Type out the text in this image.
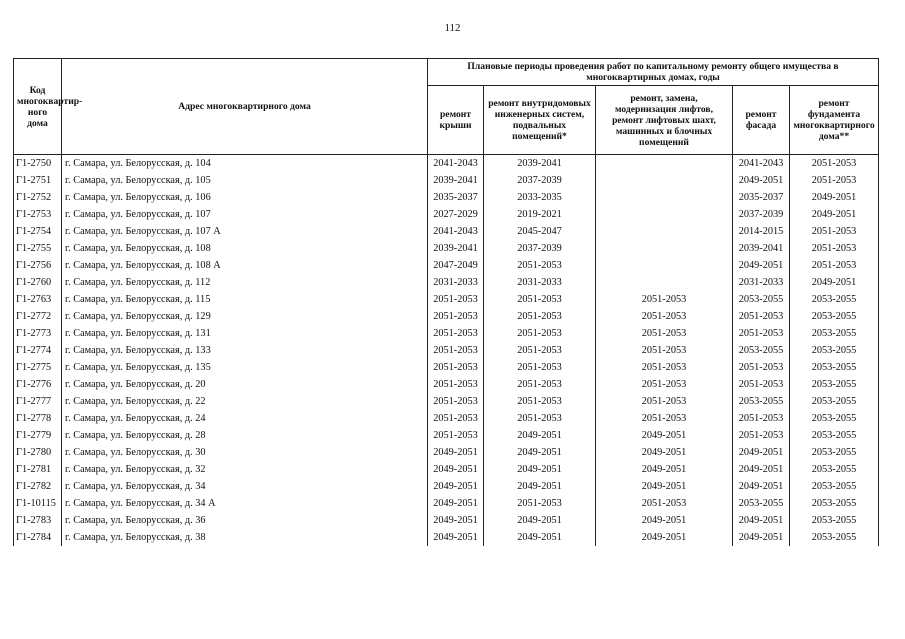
112
Код многоквартир-ного дома	Адрес многоквартирного дома	Плановые периоды проведения работ по капитальному ремонту общего имущества в многоквартирных домах, годы				
		ремонт крыши	ремонт внутридомовых инженерных систем, подвальных помещений*	ремонт, замена, модернизация лифтов, ремонт лифтовых шахт, машинных и блочных помещений	ремонт фасада	ремонт фундамента многоквартирного дома**
Г1-2750	г. Самара, ул. Белорусская, д. 104	2041-2043	2039-2041		2041-2043	2051-2053
Г1-2751	г. Самара, ул. Белорусская, д. 105	2039-2041	2037-2039		2049-2051	2051-2053
Г1-2752	г. Самара, ул. Белорусская, д. 106	2035-2037	2033-2035		2035-2037	2049-2051
Г1-2753	г. Самара, ул. Белорусская, д. 107	2027-2029	2019-2021		2037-2039	2049-2051
Г1-2754	г. Самара, ул. Белорусская, д. 107 А	2041-2043	2045-2047		2014-2015	2051-2053
Г1-2755	г. Самара, ул. Белорусская, д. 108	2039-2041	2037-2039		2039-2041	2051-2053
Г1-2756	г. Самара, ул. Белорусская, д. 108 А	2047-2049	2051-2053		2049-2051	2051-2053
Г1-2760	г. Самара, ул. Белорусская, д. 112	2031-2033	2031-2033		2031-2033	2049-2051
Г1-2763	г. Самара, ул. Белорусская, д. 115	2051-2053	2051-2053	2051-2053	2053-2055	2053-2055
Г1-2772	г. Самара, ул. Белорусская, д. 129	2051-2053	2051-2053	2051-2053	2051-2053	2053-2055
Г1-2773	г. Самара, ул. Белорусская, д. 131	2051-2053	2051-2053	2051-2053	2051-2053	2053-2055
Г1-2774	г. Самара, ул. Белорусская, д. 133	2051-2053	2051-2053	2051-2053	2053-2055	2053-2055
Г1-2775	г. Самара, ул. Белорусская, д. 135	2051-2053	2051-2053	2051-2053	2051-2053	2053-2055
Г1-2776	г. Самара, ул. Белорусская, д. 20	2051-2053	2051-2053	2051-2053	2051-2053	2053-2055
Г1-2777	г. Самара, ул. Белорусская, д. 22	2051-2053	2051-2053	2051-2053	2053-2055	2053-2055
Г1-2778	г. Самара, ул. Белорусская, д. 24	2051-2053	2051-2053	2051-2053	2051-2053	2053-2055
Г1-2779	г. Самара, ул. Белорусская, д. 28	2051-2053	2049-2051	2049-2051	2051-2053	2053-2055
Г1-2780	г. Самара, ул. Белорусская, д. 30	2049-2051	2049-2051	2049-2051	2049-2051	2053-2055
Г1-2781	г. Самара, ул. Белорусская, д. 32	2049-2051	2049-2051	2049-2051	2049-2051	2053-2055
Г1-2782	г. Самара, ул. Белорусская, д. 34	2049-2051	2049-2051	2049-2051	2049-2051	2053-2055
Г1-10115	г. Самара, ул. Белорусская, д. 34 А	2049-2051	2051-2053	2051-2053	2053-2055	2053-2055
Г1-2783	г. Самара, ул. Белорусская, д. 36	2049-2051	2049-2051	2049-2051	2049-2051	2053-2055
Г1-2784	г. Самара, ул. Белорусская, д. 38	2049-2051	2049-2051	2049-2051	2049-2051	2053-2055
